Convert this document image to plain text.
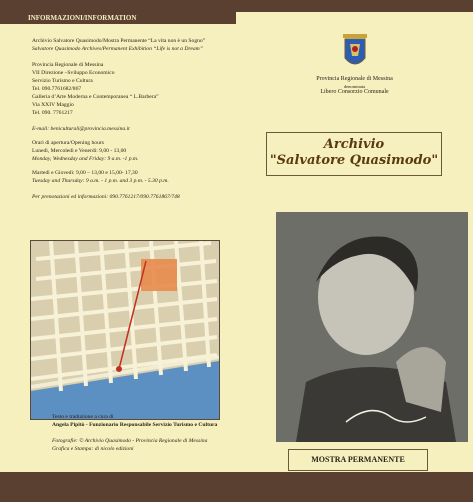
INFORMAZIONI/INFORMATION
Archivio Salvatore Quasimodo/Mostra Permanente “La vita non è un Sogno”
Salvatore Quasimodo Archives/Permanent Exhibition “Life is not a Dream”
Provincia Regionale di Messina
VII Direzione –Sviluppo Economico
Servizio Turismo e Cultura
Tel. 090.7761682/867
Galleria d’Arte Moderna e Contemporanea “ L.Barbera”
Via XXIV Maggio
Tel. 090. 7761217
E-mail: beniculturali@provincia.messina.it
Orari di apertura/Opening hours
Lunedì, Mercoledì e Venerdì: 9,00 - 13,00
Monday, Wednesday and Friday: 9 a.m. -1 p.m.
Martedì e Giovedì: 9,00 – 13,00 e 15,00- 17,30
Tuesday and Thursday: 9 a.m. - 1 p.m. and 3 p.m. - 5.30 p.m.
Per prenotazioni ed informazioni: 090.7761217/090.7761867/748
Testo e traduzione a cura di
Angela Pipitò - Funzionario Responsabile Servizio Turismo e Cultura
Fotografie: © Archivio Quasimodo - Provincia Regionale di Messina
Grafica e Stampa: di nicolo edizioni
Provincia Regionale di Messina
denominata
Libero Consorzio Comunale
Archivio
"Salvatore Quasimodo"
MOSTRA PERMANENTE
